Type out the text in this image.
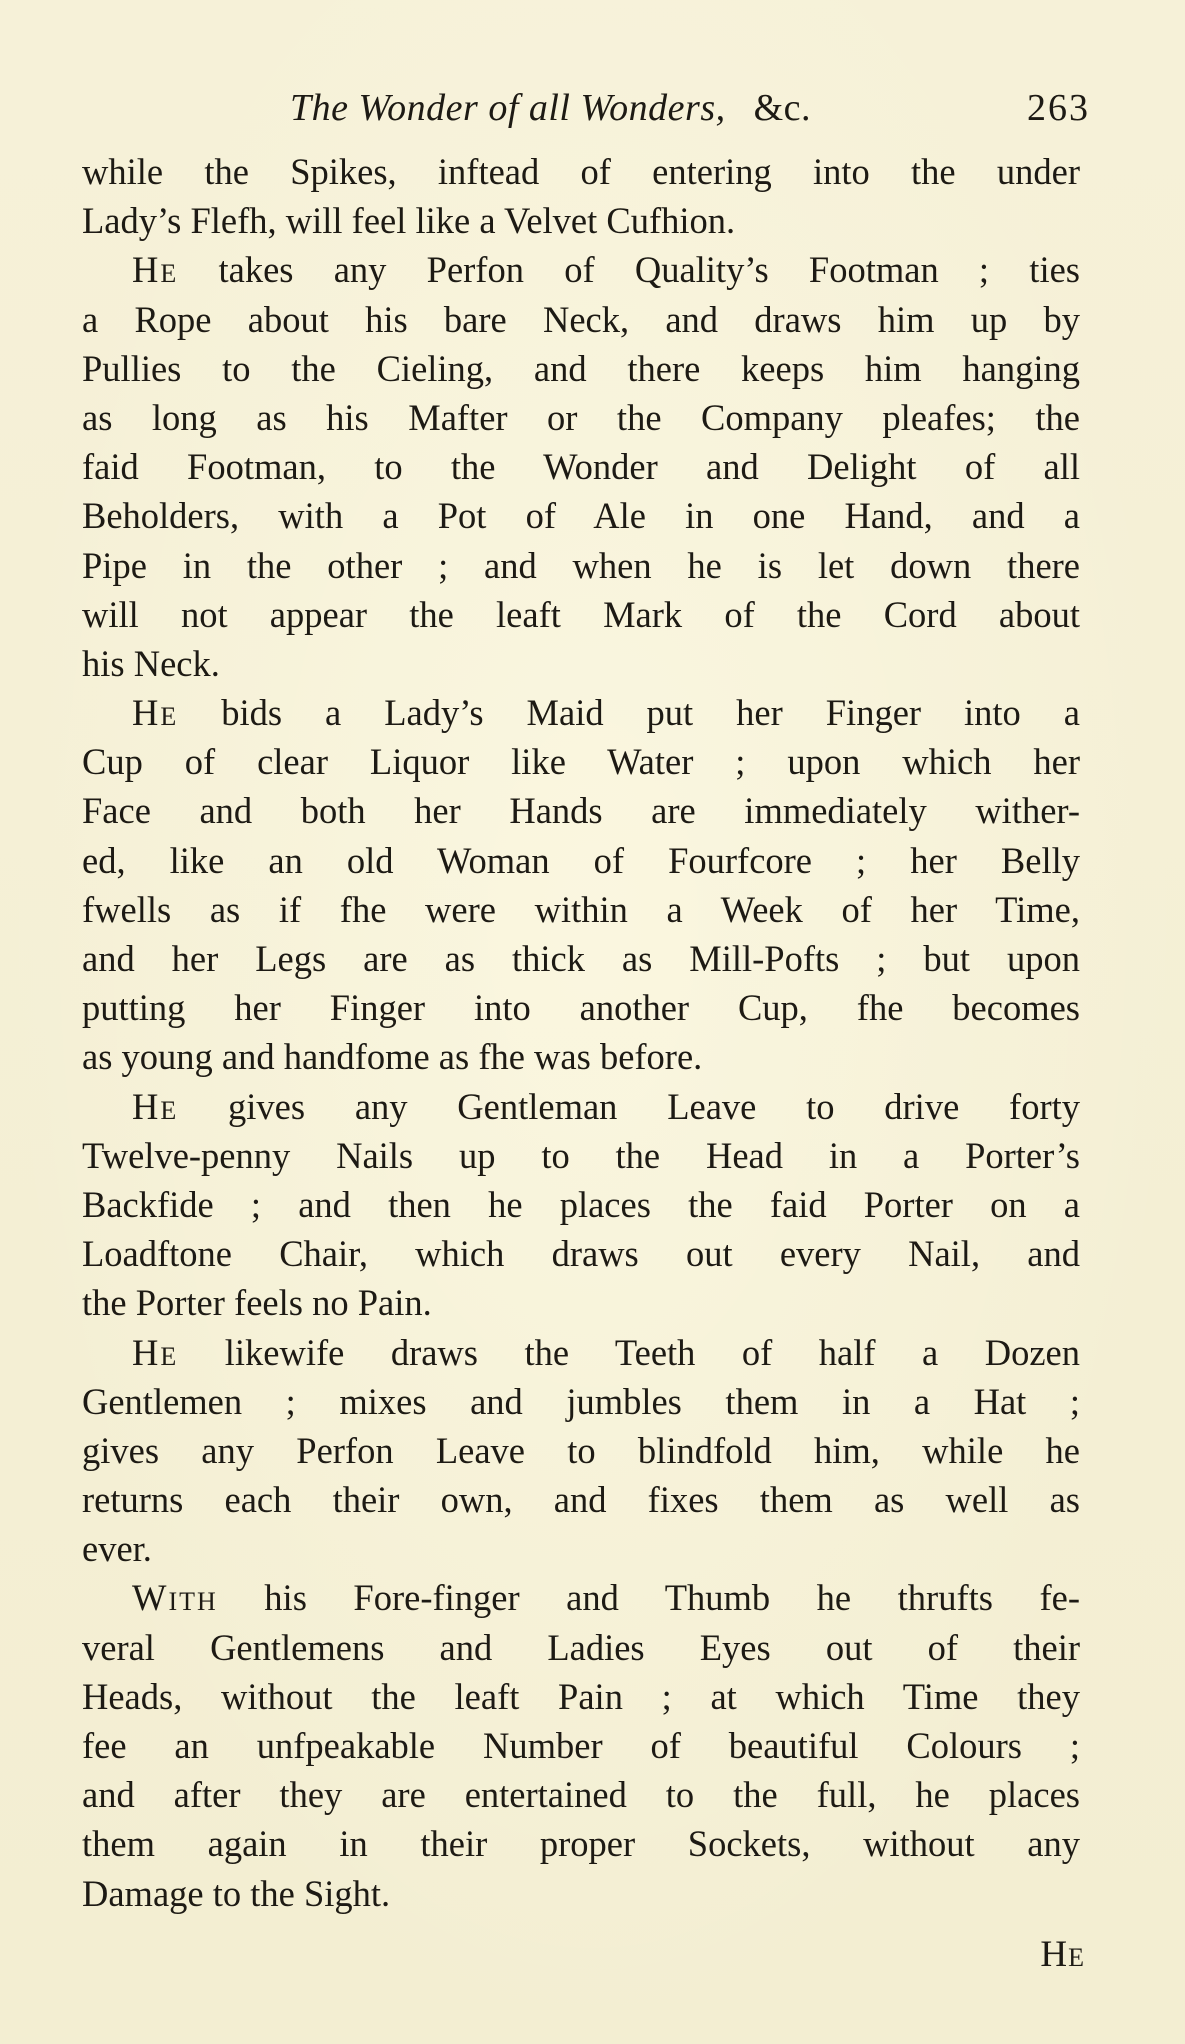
The Wonder of all Wonders, &c.	263
while the Spikes, inftead of entering into the under
Lady’s Flefh, will feel like a Velvet Cufhion.
He takes any Perfon of Quality’s Footman ; ties
a Rope about his bare Neck, and draws him up by
Pullies to the Cieling, and there keeps him hanging
as long as his Mafter or the Company pleafes; the
faid Footman, to the Wonder and Delight of all
Beholders, with a Pot of Ale in one Hand, and a
Pipe in the other ; and when he is let down there
will not appear the leaft Mark of the Cord about
his Neck.
He bids a Lady’s Maid put her Finger into a
Cup of clear Liquor like Water ; upon which her
Face and both her Hands are immediately wither-
ed, like an old Woman of Fourfcore ; her Belly
fwells as if fhe were within a Week of her Time,
and her Legs are as thick as Mill-Pofts ; but upon
putting her Finger into another Cup, fhe becomes
as young and handfome as fhe was before.
He gives any Gentleman Leave to drive forty
Twelve-penny Nails up to the Head in a Porter’s
Backfide ; and then he places the faid Porter on a
Loadftone Chair, which draws out every Nail, and
the Porter feels no Pain.
He likewife draws the Teeth of half a Dozen
Gentlemen ; mixes and jumbles them in a Hat ;
gives any Perfon Leave to blindfold him, while he
returns each their own, and fixes them as well as
ever.
With his Fore-finger and Thumb he thrufts fe-
veral Gentlemens and Ladies Eyes out of their
Heads, without the leaft Pain ; at which Time they
fee an unfpeakable Number of beautiful Colours ;
and after they are entertained to the full, he places
them again in their proper Sockets, without any
Damage to the Sight.
He
